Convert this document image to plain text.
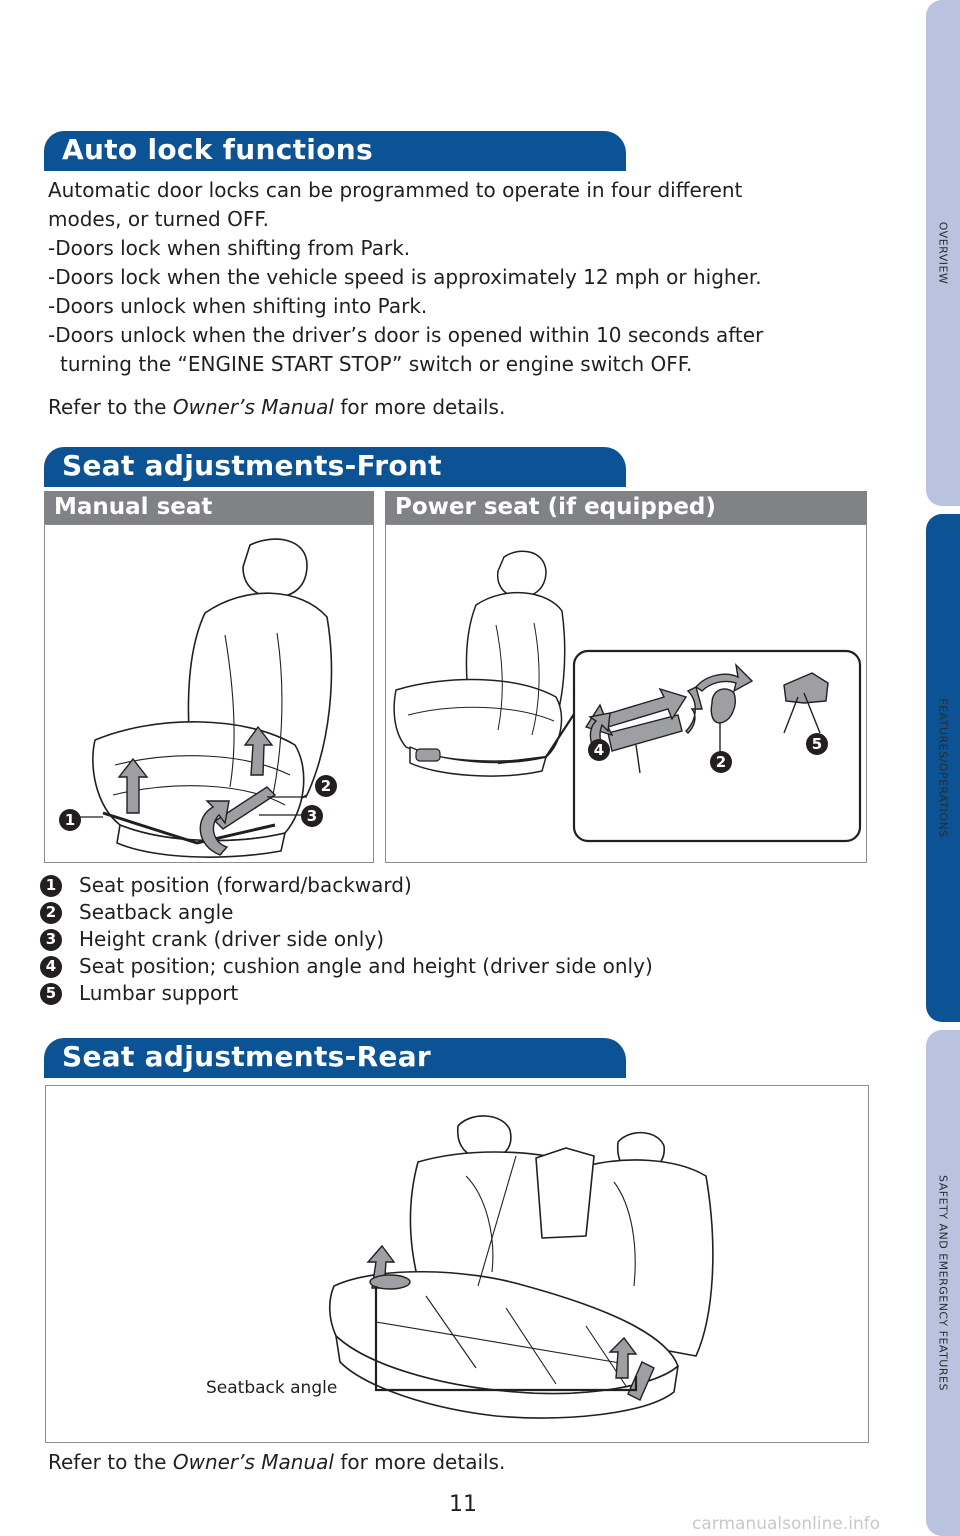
OVERVIEW
FEATURES/OPERATIONS
SAFETY AND EMERGENCY FEATURES
Auto lock functions
Automatic door locks can be programmed to operate in four different
modes, or turned OFF.
-Doors lock when shifting from Park.
-Doors lock when the vehicle speed is approximately 12 mph or higher.
-Doors unlock when shifting into Park.
-Doors unlock when the driver’s door is opened within 10 seconds after
turning the “ENGINE START STOP” switch or engine switch OFF.
Refer to the Owner’s Manual for more details.
Seat adjustments-Front
Manual seat	Power seat (if equipped)
1
2
3
4
2
5
1 Seat position (forward/backward)
2 Seatback angle
3 Height crank (driver side only)
4 Seat position; cushion angle and height (driver side only)
5 Lumbar support
Seat adjustments-Rear
Seatback angle
Refer to the Owner’s Manual for more details.
11
carmanualsonline.info
